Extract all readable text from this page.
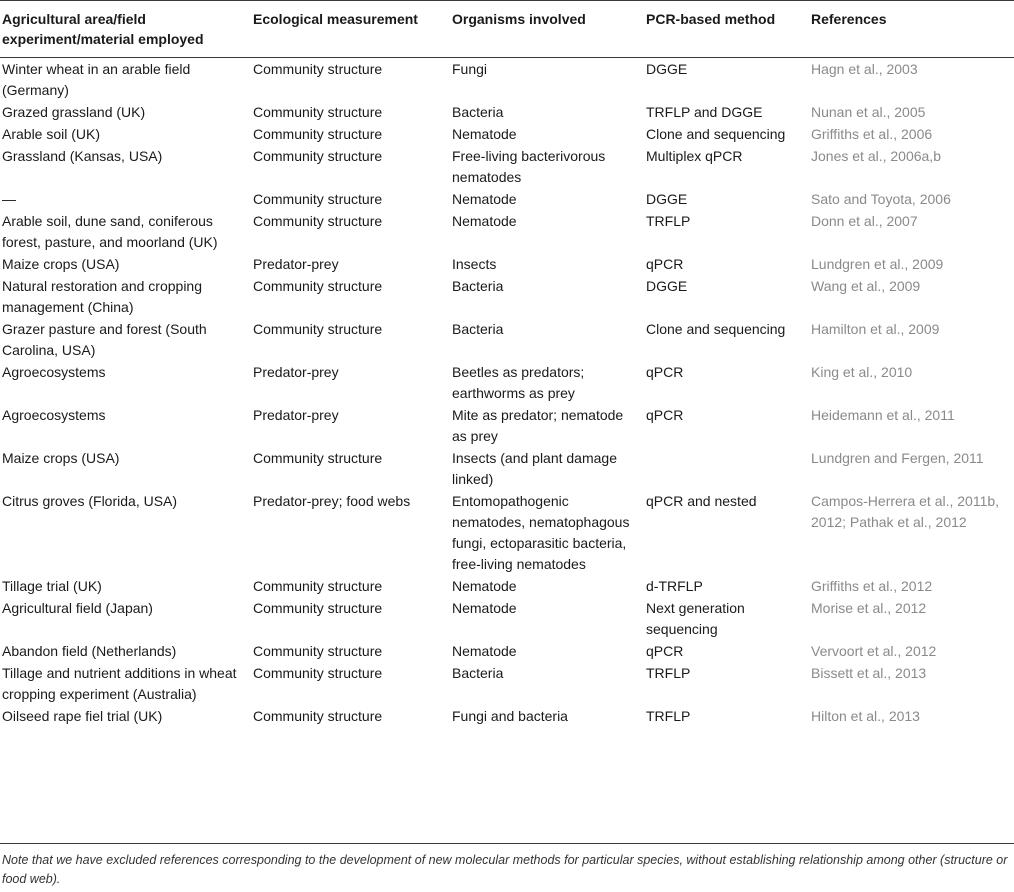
Agricultural area/field experiment/material employed	Ecological measurement	Organisms involved	PCR-based method	References
Winter wheat in an arable field (Germany)	Community structure	Fungi	DGGE	Hagn et al., 2003
Grazed grassland (UK)	Community structure	Bacteria	TRFLP and DGGE	Nunan et al., 2005
Arable soil (UK)	Community structure	Nematode	Clone and sequencing	Griffiths et al., 2006
Grassland (Kansas, USA)	Community structure	Free-living bacterivorous nematodes	Multiplex qPCR	Jones et al., 2006a,b
—	Community structure	Nematode	DGGE	Sato and Toyota, 2006
Arable soil, dune sand, coniferous forest, pasture, and moorland (UK)	Community structure	Nematode	TRFLP	Donn et al., 2007
Maize crops (USA)	Predator-prey	Insects	qPCR	Lundgren et al., 2009
Natural restoration and cropping management (China)	Community structure	Bacteria	DGGE	Wang et al., 2009
Grazer pasture and forest (South Carolina, USA)	Community structure	Bacteria	Clone and sequencing	Hamilton et al., 2009
Agroecosystems	Predator-prey	Beetles as predators; earthworms as prey	qPCR	King et al., 2010
Agroecosystems	Predator-prey	Mite as predator; nematode as prey	qPCR	Heidemann et al., 2011
Maize crops (USA)	Community structure	Insects (and plant damage linked)		Lundgren and Fergen, 2011
Citrus groves (Florida, USA)	Predator-prey; food webs	Entomopathogenic nematodes, nematophagous fungi, ectoparasitic bacteria, free-living nematodes	qPCR and nested	Campos-Herrera et al., 2011b, 2012; Pathak et al., 2012
Tillage trial (UK)	Community structure	Nematode	d-TRFLP	Griffiths et al., 2012
Agricultural field (Japan)	Community structure	Nematode	Next generation sequencing	Morise et al., 2012
Abandon field (Netherlands)	Community structure	Nematode	qPCR	Vervoort et al., 2012
Tillage and nutrient additions in wheat cropping experiment (Australia)	Community structure	Bacteria	TRFLP	Bissett et al., 2013
Oilseed rape fiel trial (UK)	Community structure	Fungi and bacteria	TRFLP	Hilton et al., 2013
Note that we have excluded references corresponding to the development of new molecular methods for particular species, without establishing relationship among other (structure or food web).
